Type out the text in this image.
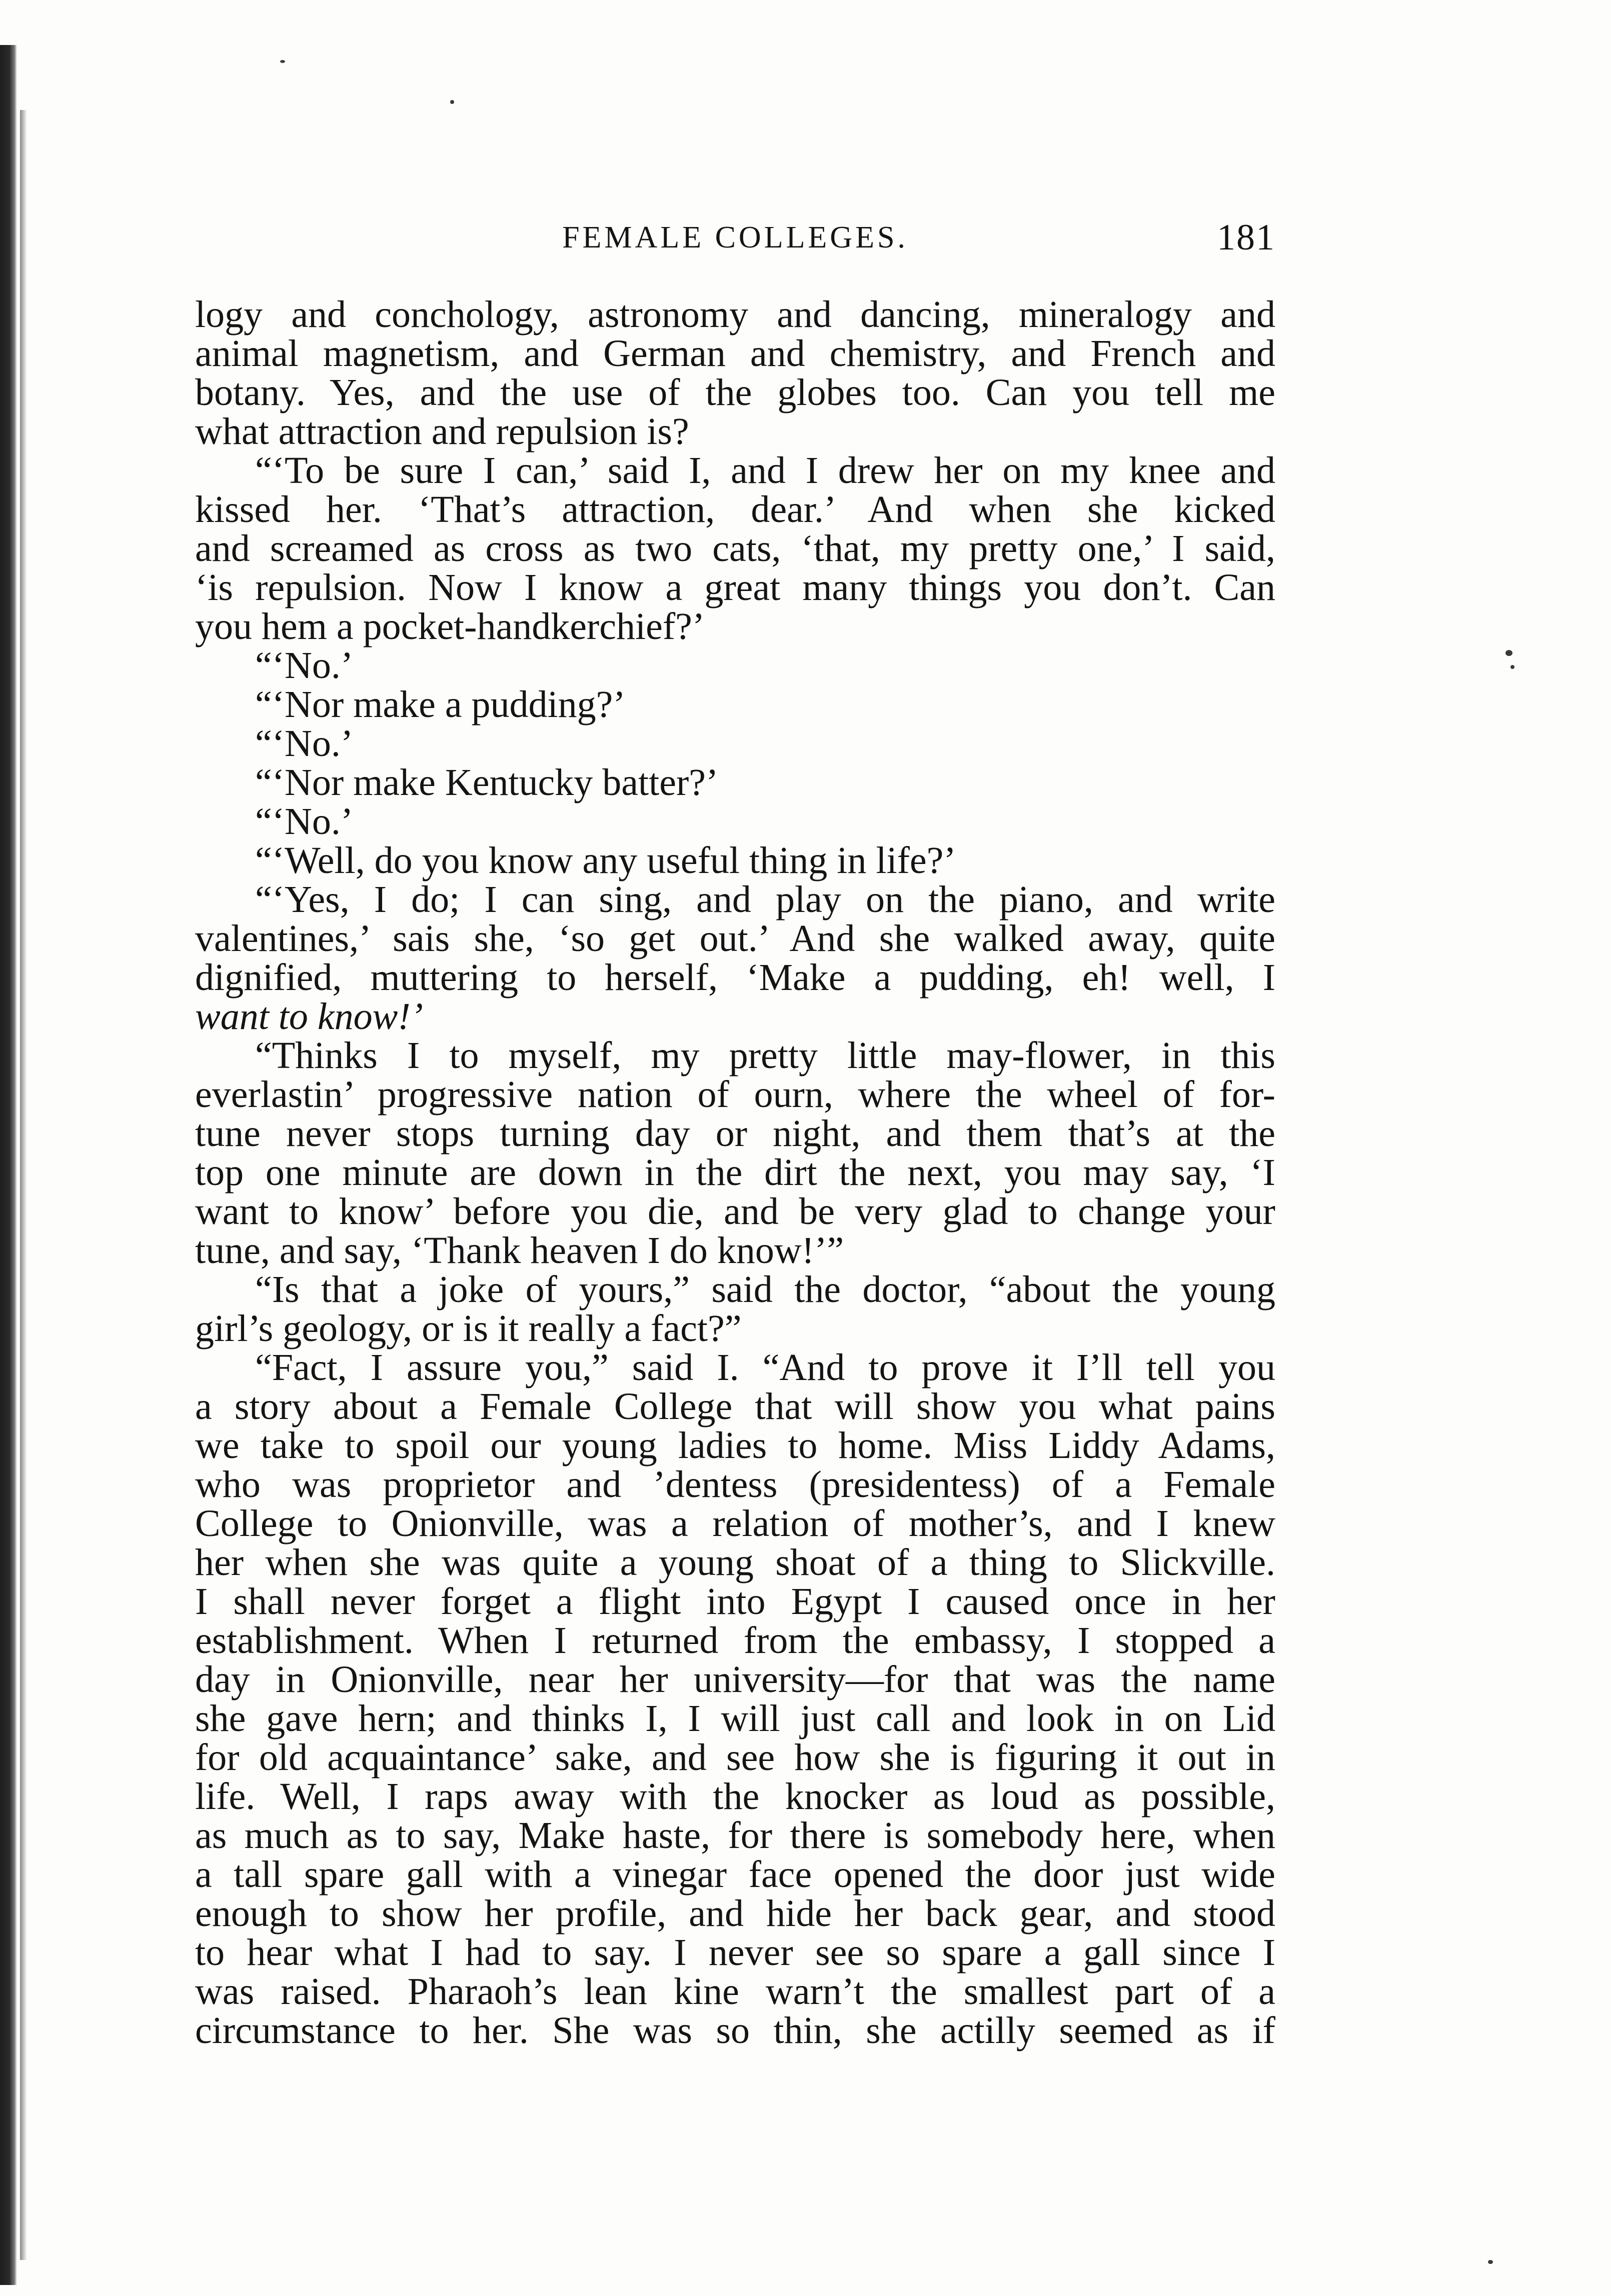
FEMALE COLLEGES.	181
logy and conchology, astronomy and dancing, mineralogy and
animal magnetism, and German and chemistry, and French and
botany. Yes, and the use of the globes too. Can you tell me
what attraction and repulsion is?
“‘To be sure I can,’ said I, and I drew her on my knee and
kissed her. ‘That’s attraction, dear.’ And when she kicked
and screamed as cross as two cats, ‘that, my pretty one,’ I said,
‘is repulsion. Now I know a great many things you don’t. Can
you hem a pocket-handkerchief?’
“‘No.’
“‘Nor make a pudding?’
“‘No.’
“‘Nor make Kentucky batter?’
“‘No.’
“‘Well, do you know any useful thing in life?’
“‘Yes, I do; I can sing, and play on the piano, and write
valentines,’ sais she, ‘so get out.’ And she walked away, quite
dignified, muttering to herself, ‘Make a pudding, eh! well, I
want to know!’
“Thinks I to myself, my pretty little may-flower, in this
everlastin’ progressive nation of ourn, where the wheel of for-
tune never stops turning day or night, and them that’s at the
top one minute are down in the dirt the next, you may say, ‘I
want to know’ before you die, and be very glad to change your
tune, and say, ‘Thank heaven I do know!’”
“Is that a joke of yours,” said the doctor, “about the young
girl’s geology, or is it really a fact?”
“Fact, I assure you,” said I. “And to prove it I’ll tell you
a story about a Female College that will show you what pains
we take to spoil our young ladies to home. Miss Liddy Adams,
who was proprietor and ’dentess (presidentess) of a Female
College to Onionville, was a relation of mother’s, and I knew
her when she was quite a young shoat of a thing to Slickville.
I shall never forget a flight into Egypt I caused once in her
establishment. When I returned from the embassy, I stopped a
day in Onionville, near her university—for that was the name
she gave hern; and thinks I, I will just call and look in on Lid
for old acquaintance’ sake, and see how she is figuring it out in
life. Well, I raps away with the knocker as loud as possible,
as much as to say, Make haste, for there is somebody here, when
a tall spare gall with a vinegar face opened the door just wide
enough to show her profile, and hide her back gear, and stood
to hear what I had to say. I never see so spare a gall since I
was raised. Pharaoh’s lean kine warn’t the smallest part of a
circumstance to her. She was so thin, she actilly seemed as if
